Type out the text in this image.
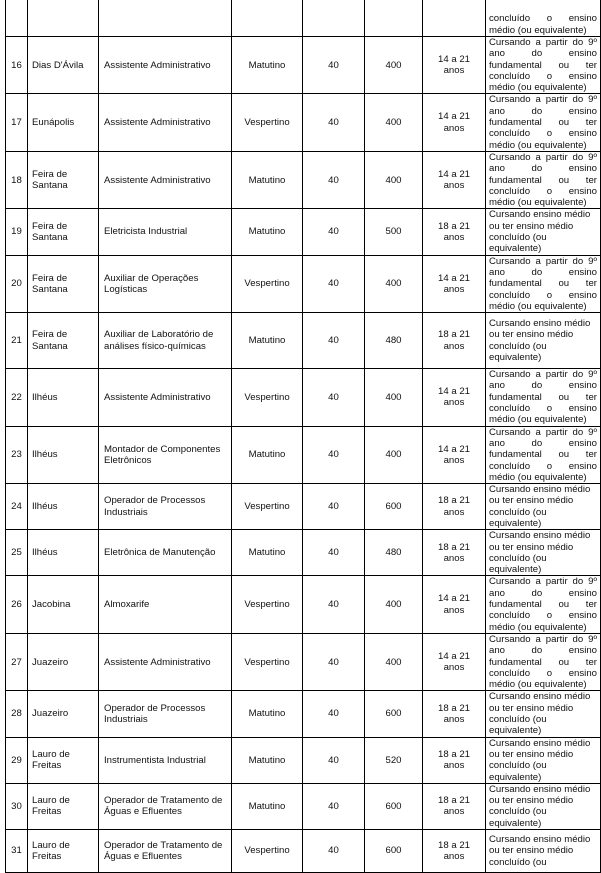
							concluído o ensino médio (ou equivalente)

16	Dias D'Ávila	Assistente Administrativo	Matutino	40	400	14 a 21 anos	Cursando a partir do 9º ano do ensino fundamental ou ter concluído o ensino médio (ou equivalente)

17	Eunápolis	Assistente Administrativo	Vespertino	40	400	14 a 21 anos	Cursando a partir do 9º ano do ensino fundamental ou ter concluído o ensino médio (ou equivalente)

18	Feira de Santana	Assistente Administrativo	Matutino	40	400	14 a 21 anos	Cursando a partir do 9º ano do ensino fundamental ou ter concluído o ensino médio (ou equivalente)

19	Feira de Santana	Eletricista Industrial	Matutino	40	500	18 a 21 anos	Cursando ensino médio ou ter ensino médio concluído (ou equivalente)

20	Feira de Santana	Auxiliar de Operações Logísticas	Vespertino	40	400	14 a 21 anos	Cursando a partir do 9º ano do ensino fundamental ou ter concluído o ensino médio (ou equivalente)

21	Feira de Santana	Auxiliar de Laboratório de análises físico-químicas	Matutino	40	480	18 a 21 anos	Cursando ensino médio ou ter ensino médio concluído (ou equivalente)

22	Ilhéus	Assistente Administrativo	Vespertino	40	400	14 a 21 anos	Cursando a partir do 9º ano do ensino fundamental ou ter concluído o ensino médio (ou equivalente)

23	Ilhéus	Montador de Componentes Eletrônicos	Matutino	40	400	14 a 21 anos	Cursando a partir do 9º ano do ensino fundamental ou ter concluído o ensino médio (ou equivalente)

24	Ilhéus	Operador de Processos Industriais	Vespertino	40	600	18 a 21 anos	Cursando ensino médio ou ter ensino médio concluído (ou equivalente)

25	Ilhéus	Eletrônica de Manutenção	Matutino	40	480	18 a 21 anos	Cursando ensino médio ou ter ensino médio concluído (ou equivalente)

26	Jacobina	Almoxarife	Vespertino	40	400	14 a 21 anos	Cursando a partir do 9º ano do ensino fundamental ou ter concluído o ensino médio (ou equivalente)

27	Juazeiro	Assistente Administrativo	Vespertino	40	400	14 a 21 anos	Cursando a partir do 9º ano do ensino fundamental ou ter concluído o ensino médio (ou equivalente)

28	Juazeiro	Operador de Processos Industriais	Matutino	40	600	18 a 21 anos	Cursando ensino médio ou ter ensino médio concluído (ou equivalente)

29	Lauro de Freitas	Instrumentista Industrial	Matutino	40	520	18 a 21 anos	Cursando ensino médio ou ter ensino médio concluído (ou equivalente)

30	Lauro de Freitas	Operador de Tratamento de Águas e Efluentes	Matutino	40	600	18 a 21 anos	Cursando ensino médio ou ter ensino médio concluído (ou equivalente)

31	Lauro de Freitas	Operador de Tratamento de Águas e Efluentes	Vespertino	40	600	18 a 21 anos	Cursando ensino médio ou ter ensino médio concluído (ou
